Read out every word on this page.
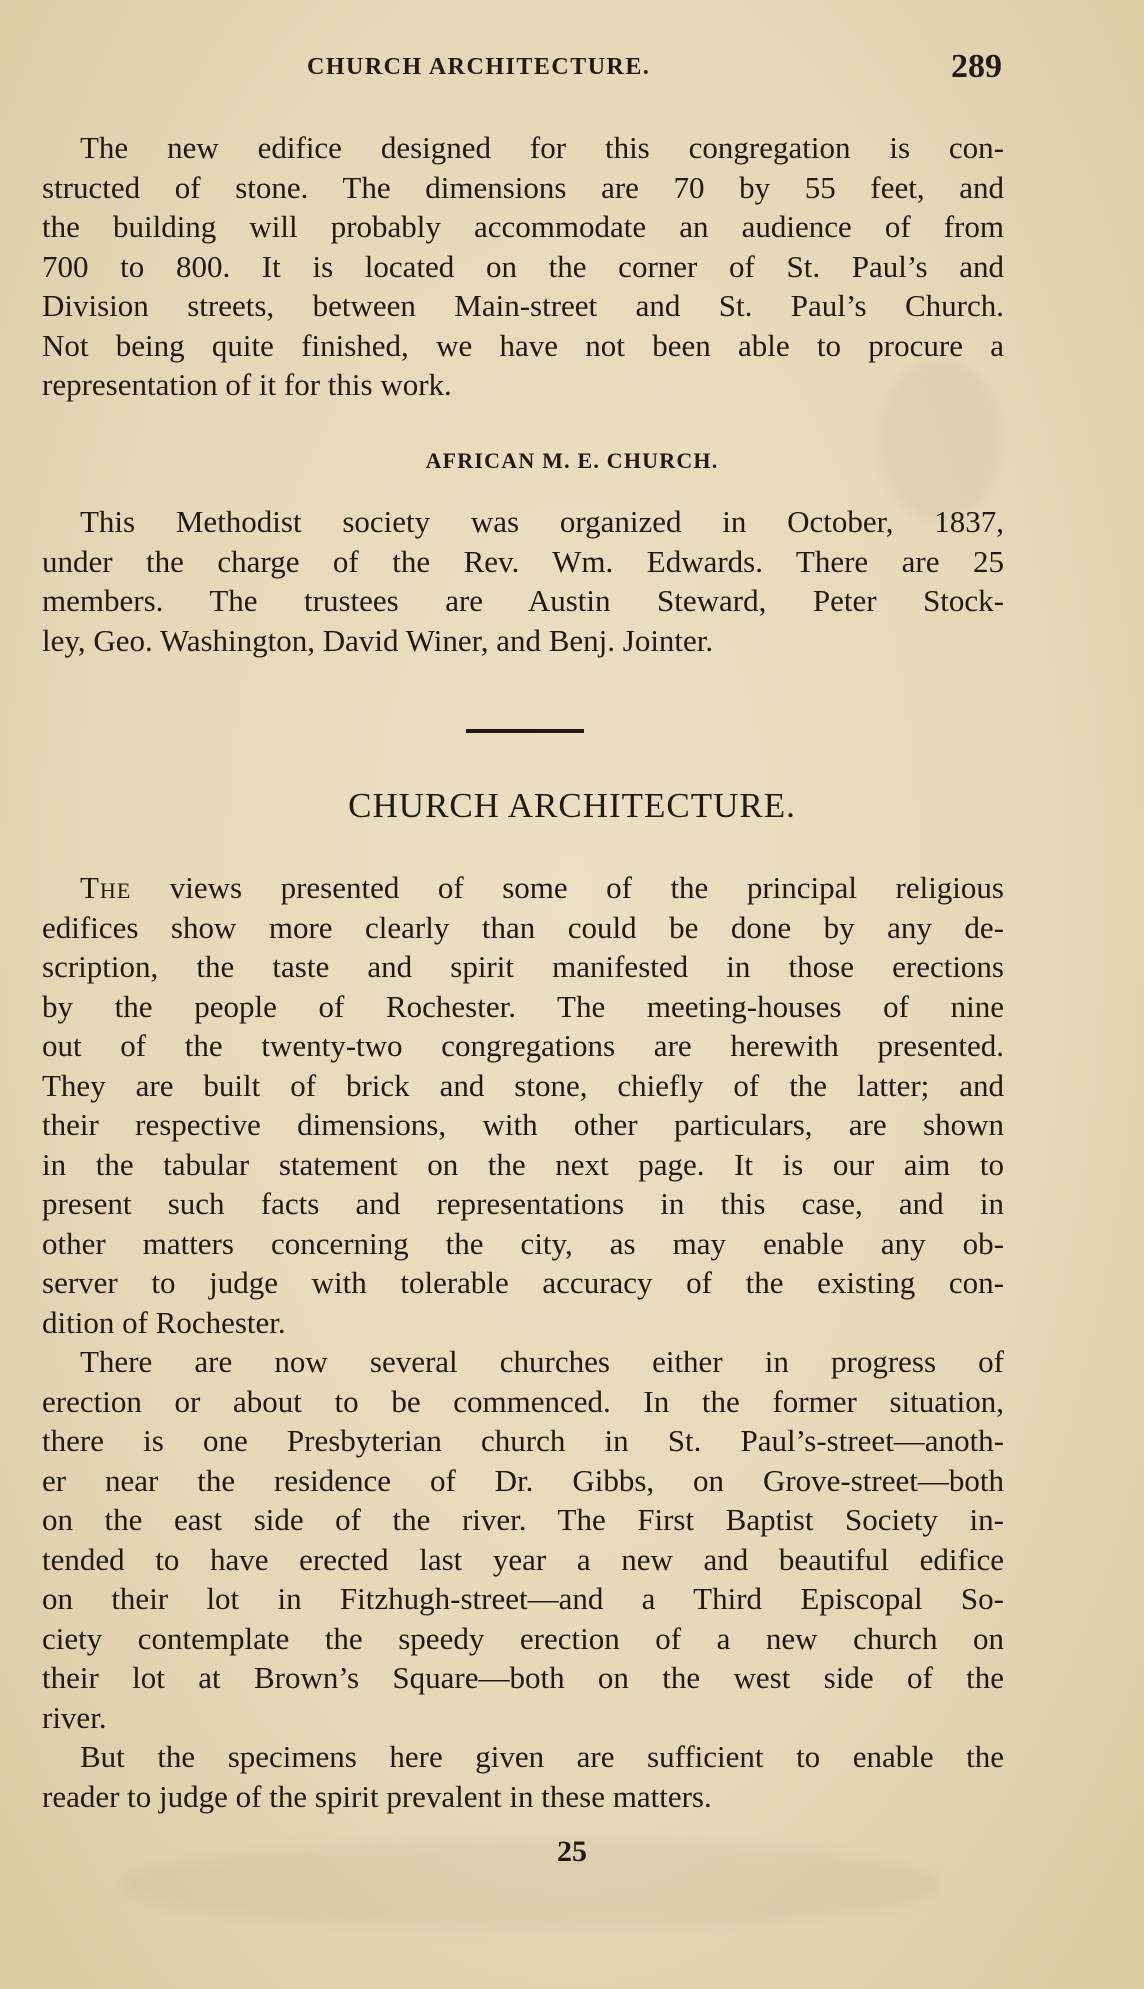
CHURCH ARCHITECTURE.	289
The new edifice designed for this congregation is con-
structed of stone. The dimensions are 70 by 55 feet, and
the building will probably accommodate an audience of from
700 to 800. It is located on the corner of St. Paul’s and
Division streets, between Main-street and St. Paul’s Church.
Not being quite finished, we have not been able to procure a
representation of it for this work.
AFRICAN M. E. CHURCH.
This Methodist society was organized in October, 1837,
under the charge of the Rev. Wm. Edwards. There are 25
members. The trustees are Austin Steward, Peter Stock-
ley, Geo. Washington, David Winer, and Benj. Jointer.
CHURCH ARCHITECTURE.
The views presented of some of the principal religious
edifices show more clearly than could be done by any de-
scription, the taste and spirit manifested in those erections
by the people of Rochester. The meeting-houses of nine
out of the twenty-two congregations are herewith presented.
They are built of brick and stone, chiefly of the latter; and
their respective dimensions, with other particulars, are shown
in the tabular statement on the next page. It is our aim to
present such facts and representations in this case, and in
other matters concerning the city, as may enable any ob-
server to judge with tolerable accuracy of the existing con-
dition of Rochester.
There are now several churches either in progress of
erection or about to be commenced. In the former situation,
there is one Presbyterian church in St. Paul’s-street—anoth-
er near the residence of Dr. Gibbs, on Grove-street—both
on the east side of the river. The First Baptist Society in-
tended to have erected last year a new and beautiful edifice
on their lot in Fitzhugh-street—and a Third Episcopal So-
ciety contemplate the speedy erection of a new church on
their lot at Brown’s Square—both on the west side of the
river.
But the specimens here given are sufficient to enable the
reader to judge of the spirit prevalent in these matters.
25
